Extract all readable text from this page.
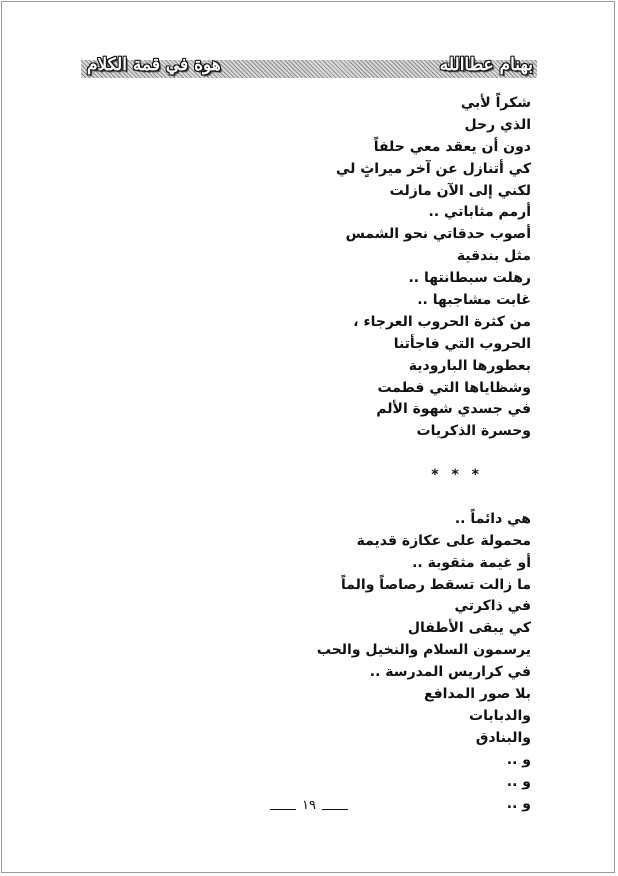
بهنام عطاالله
هوة في قمة الكلام
شكراً لأبي
الذي رحل
دون أن يعقد معي حلفاً
كي أتنازل عن آخر ميراثٍ لي
لكني إلى الآن مازلت
أرمم مثاباتي ..
أصوب حدقاتي نحو الشمس
مثل بندقية
رهلت سبطانتها ..
غابت مشاجبها ..
من كثرة الحروب العرجاء ،
الحروب التي فاجأتنا
بعطورها البارودية
وشظاياها التي فطمت
في جسدي شهوة الألم
وحسرة الذكريات
* * *
هي دائماً ..
محمولة على عكازة قديمة
أو غيمة مثقوبة ..
ما زالت تسقط رصاصاً والماً
في ذاكرتي
كي يبقى الأطفال
يرسمون السلام والنخيل والحب
في كراريس المدرسة ..
بلا صور المدافع
والدبابات
والبنادق
و ..
و ..
و ..
١٩
